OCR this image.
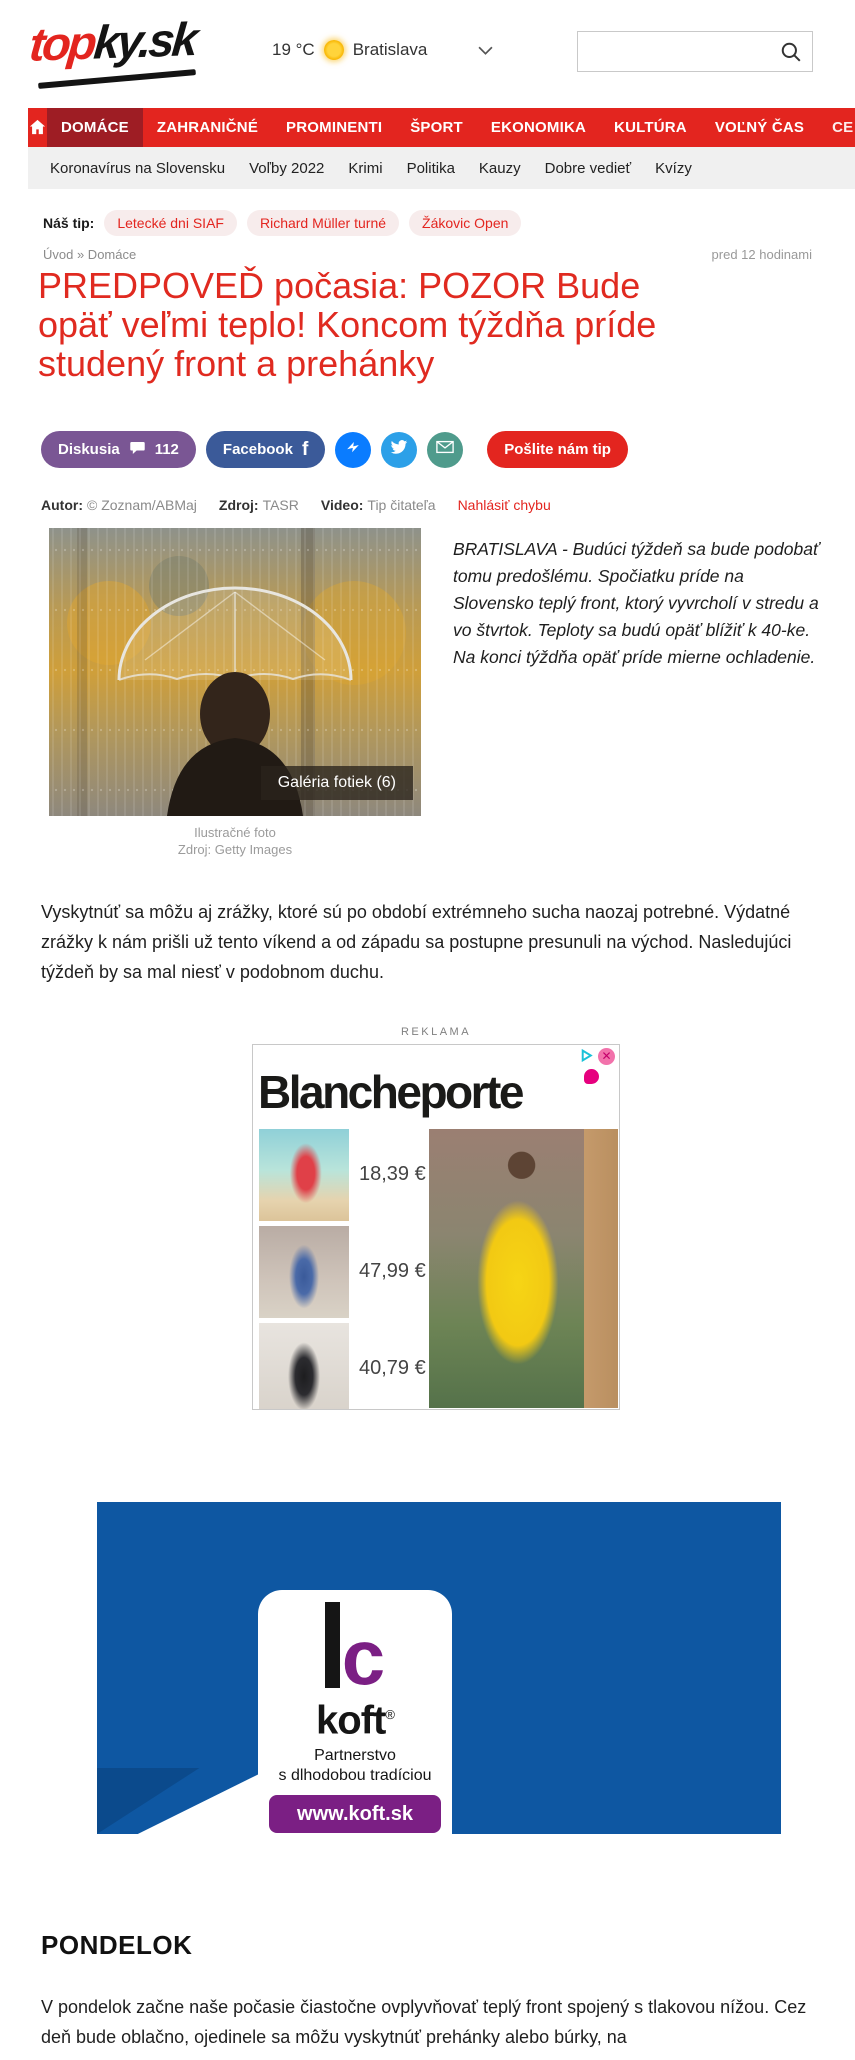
topky.sk	19 °C Bratislava
DOMÁCE	ZAHRANIČNÉ	PROMINENTI	ŠPORT	EKONOMIKA	KULTÚRA	VOĽNÝ ČAS	CE
Koronavírus na Slovensku	Voľby 2022	Krimi	Politika	Kauzy	Dobre vedieť	Kvízy
Náš tip:	Letecké dni SIAF	Richard Müller turné	Žákovic Open
Úvod » Domáce	pred 12 hodinami
PREDPOVEĎ počasia: POZOR Bude
opäť veľmi teplo! Koncom týždňa príde
studený front a prehánky
Diskusia 112	Facebook f	Pošlite nám tip
Autor: © Zoznam/ABMaj Zdroj: TASR Video: Tip čitateľa Nahlásiť chybu
Galéria fotiek (6)
Ilustračné foto
Zdroj: Getty Images
BRATISLAVA - Budúci týždeň sa bude podobať tomu predošlému. Spočiatku príde na Slovensko teplý front, ktorý vyvrcholí v stredu a vo štvrtok. Teploty sa budú opäť blížiť k 40-ke. Na konci týždňa opäť príde mierne ochladenie.
Vyskytnúť sa môžu aj zrážky, ktoré sú po období extrémneho sucha naozaj potrebné. Výdatné zrážky k nám prišli už tento víkend a od západu sa postupne presunuli na východ. Nasledujúci týždeň by sa mal niesť v podobnom duchu.
REKLAMA
Blancheporte
✕
18,39 €
47,99 €
40,79 €
c
koft®
Partnerstvo
s dlhodobou tradíciou
www.koft.sk
PONDELOK
V pondelok začne naše počasie čiastočne ovplyvňovať teplý front spojený s tlakovou nížou. Cez deň bude oblačno, ojedinele sa môžu vyskytnúť prehánky alebo búrky, na
